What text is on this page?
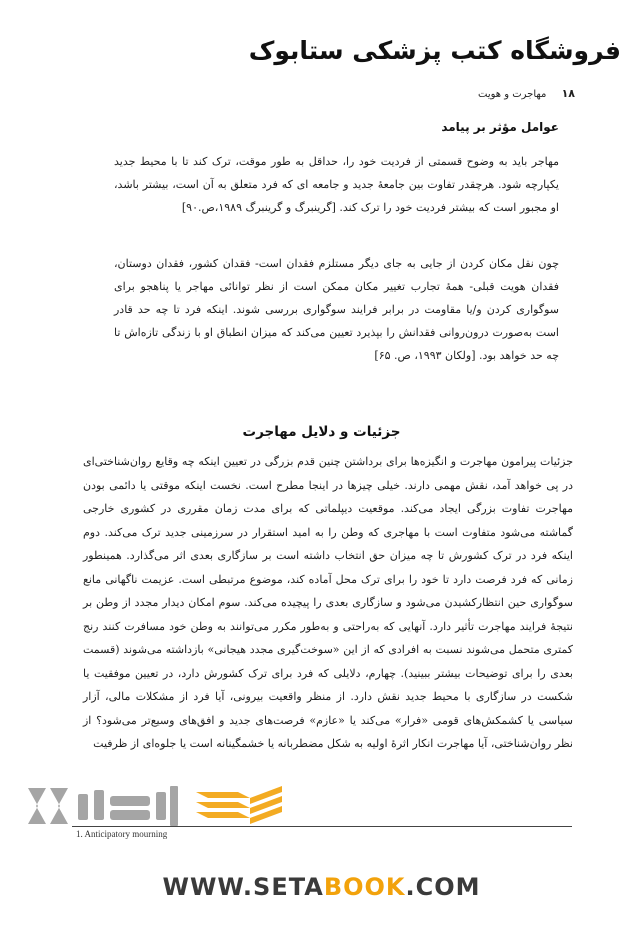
فروشگاه کتب پزشکی ستابوک
۱۸ مهاجرت و هویت
عوامل مؤثر بر پیامد
مهاجر باید به وضوح قسمتی از فردیت خود را، حداقل به طور موقت، ترک کند تا با محیط جدید یکپارچه شود. هرچقدر تفاوت بین جامعهٔ جدید و جامعه ای که فرد متعلق به آن است، بیشتر باشد، او مجبور است که بیشتر فردیت خود را ترک کند. [گرینبرگ و گرینبرگ ۱۹۸۹،ص.۹۰]
چون نقل مکان کردن از جایی به جای دیگر مستلزم فقدان است- فقدان کشور، فقدان دوستان، فقدان هویت قبلی- همهٔ تجارب تغییر مکان ممکن است از نظر توانائی مهاجر یا پناهجو برای سوگواری کردن و/یا مقاومت در برابر فرایند سوگواری بررسی شوند. اینکه فرد تا چه حد قادر است به‌صورت درون‌روانی فقدانش را بپذیرد تعیین می‌کند که میزان انطباق او با زندگی تازه‌اش تا چه حد خواهد بود. [ولکان ۱۹۹۳، ص. ۶۵]
جزئیات و دلایل مهاجرت
جزئیات پیرامون مهاجرت و انگیزه‌ها برای برداشتن چنین قدم بزرگی در تعیین اینکه چه وقایع روان‌شناختی‌ای در پی خواهد آمد، نقش مهمی دارند. خیلی چیزها در اینجا مطرح است. نخست اینکه موقتی یا دائمی بودن مهاجرت تفاوت بزرگی ایجاد می‌کند. موقعیت دیپلماتی که برای مدت زمان مقرری در کشوری خارجی گماشته می‌شود متفاوت است با مهاجری که وطن را به امید استقرار در سرزمینی جدید ترک می‌کند. دوم اینکه فرد در ترک کشورش تا چه میزان حق انتخاب داشته است بر سازگاری بعدی اثر می‌گذارد. همینطور زمانی که فرد فرصت دارد تا خود را برای ترک محل آماده کند، موضوع مرتبطی است. عزیمت ناگهانی مانع سوگواری حین انتظارکشیدن می‌شود و سازگاری بعدی را پیچیده می‌کند. سوم امکان دیدار مجدد از وطن بر نتیجهٔ فرایند مهاجرت تأثیر دارد. آنهایی که به‌راحتی و به‌طور مکرر می‌توانند به وطن خود مسافرت کنند رنج کمتری متحمل می‌شوند نسبت به افرادی که از این «سوخت‌گیری مجدد هیجانی» بازداشته می‌شوند (قسمت بعدی را برای توضیحات بیشتر ببینید). چهارم، دلایلی که فرد برای ترک کشورش دارد، در تعیین موفقیت یا شکست در سازگاری با محیط جدید نقش دارد. از منظر واقعیت بیرونی، آیا فرد از مشکلات مالی، آزار سیاسی یا کشمکش‌های قومی «فرار» می‌کند یا «عازم» فرصت‌های جدید و افق‌های وسیع‌تر می‌شود؟ از نظر روان‌شناختی، آیا مهاجرت انکار اثرهٔ اولیه به شکل مضطربانه یا خشمگینانه است یا جلوه‌ای از ظرفیت
1. Anticipatory mourning
WWW.SETABOOK.COM
